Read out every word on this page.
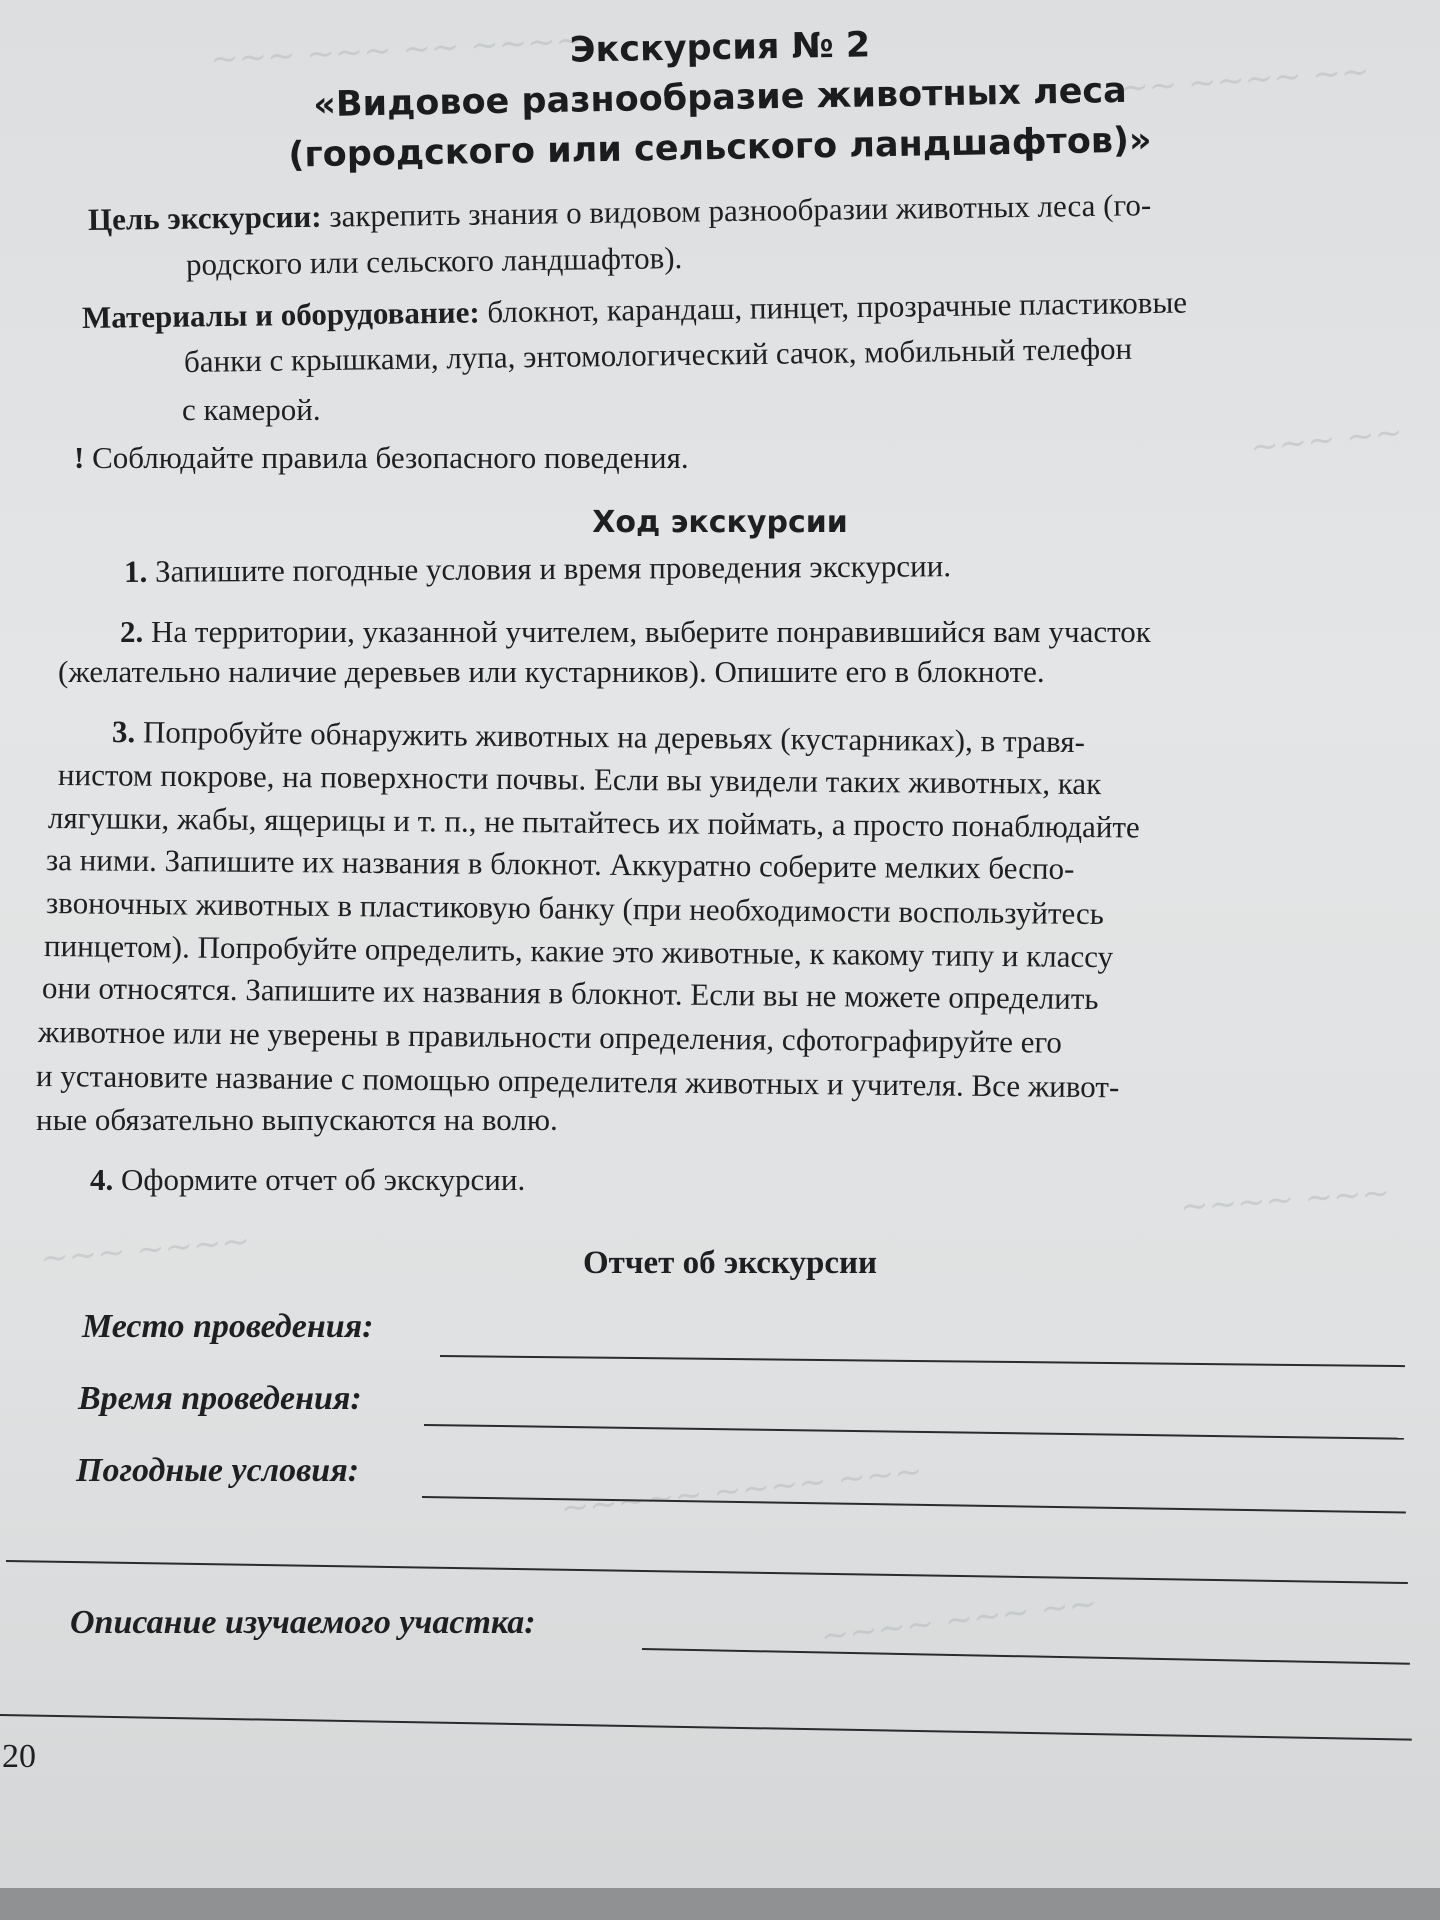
~~~ ~~~ ~~ ~~~~
~~ ~~~~ ~~
~~~ ~~
~~~~ ~~~
~~~~~ ~~~~ ~~~
~~~ ~~~~
~~~~ ~~~ ~~
Экскурсия № 2
«Видовое разнообразие животных леса
(городского или сельского ландшафтов)»
Цель экскурсии: закрепить знания о видовом разнообразии животных леса (го-
родского или сельского ландшафтов).
Материалы и оборудование: блокнот, карандаш, пинцет, прозрачные пластиковые
банки с крышками, лупа, энтомологический сачок, мобильный телефон
с камерой.
! Соблюдайте правила безопасного поведения.
Ход экскурсии
1. Запишите погодные условия и время проведения экскурсии.
2. На территории, указанной учителем, выберите понравившийся вам участок
(желательно наличие деревьев или кустарников). Опишите его в блокноте.
3. Попробуйте обнаружить животных на деревьях (кустарниках), в травя-
нистом покрове, на поверхности почвы. Если вы увидели таких животных, как
лягушки, жабы, ящерицы и т. п., не пытайтесь их поймать, а просто понаблюдайте
за ними. Запишите их названия в блокнот. Аккуратно соберите мелких беспо-
звоночных животных в пластиковую банку (при необходимости воспользуйтесь
пинцетом). Попробуйте определить, какие это животные, к какому типу и классу
они относятся. Запишите их названия в блокнот. Если вы не можете определить
животное или не уверены в правильности определения, сфотографируйте его
и установите название с помощью определителя животных и учителя. Все живот-
ные обязательно выпускаются на волю.
4. Оформите отчет об экскурсии.
Отчет об экскурсии
Место проведения:
Время проведения:
Погодные условия:
Описание изучаемого участка:
20
